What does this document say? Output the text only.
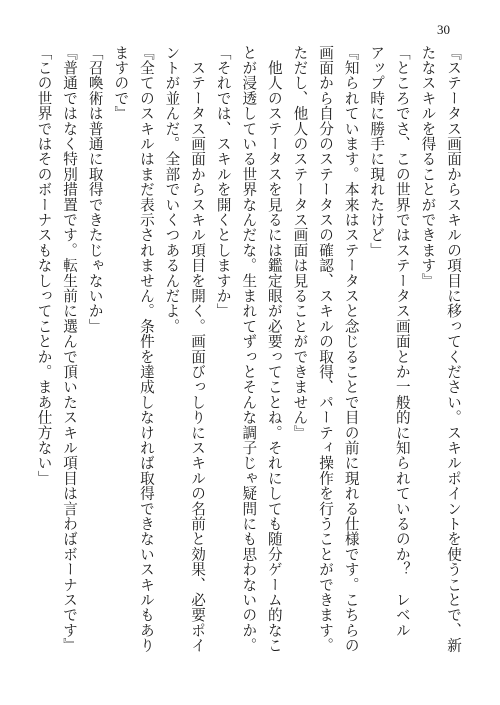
30

『ステータス画面からスキルの項目に移ってください。スキルポイントを使うことで、新

たなスキルを得ることができます』

「ところでさ、この世界ではステータス画面とか一般的に知られているのか？　レベル

アップ時に勝手に現れたけど」

『知られています。本来はステータスと念じることで目の前に現れる仕様です。こちらの

画面から自分のステータスの確認、スキルの取得、パーティ操作を行うことができます。

ただし、他人のステータス画面は見ることができません』

　他人のステータスを見るには鑑定眼が必要ってことね。それにしても随分ゲーム的なこ

とが浸透している世界なんだな。生まれてずっとそんな調子じゃ疑問にも思わないのか。

「それでは、スキルを開くとしますか」

　ステータス画面からスキル項目を開く。画面びっしりにスキルの名前と効果、必要ポイ

ントが並んだ。全部でいくつあるんだよ。

『全てのスキルはまだ表示されません。条件を達成しなければ取得できないスキルもあり

ますので』

「召喚術は普通に取得できたじゃないか」

『普通ではなく特別措置です。転生前に選んで頂いたスキル項目は言わばボーナスです』

「この世界ではそのボーナスもなしってことか。まあ仕方ない」
